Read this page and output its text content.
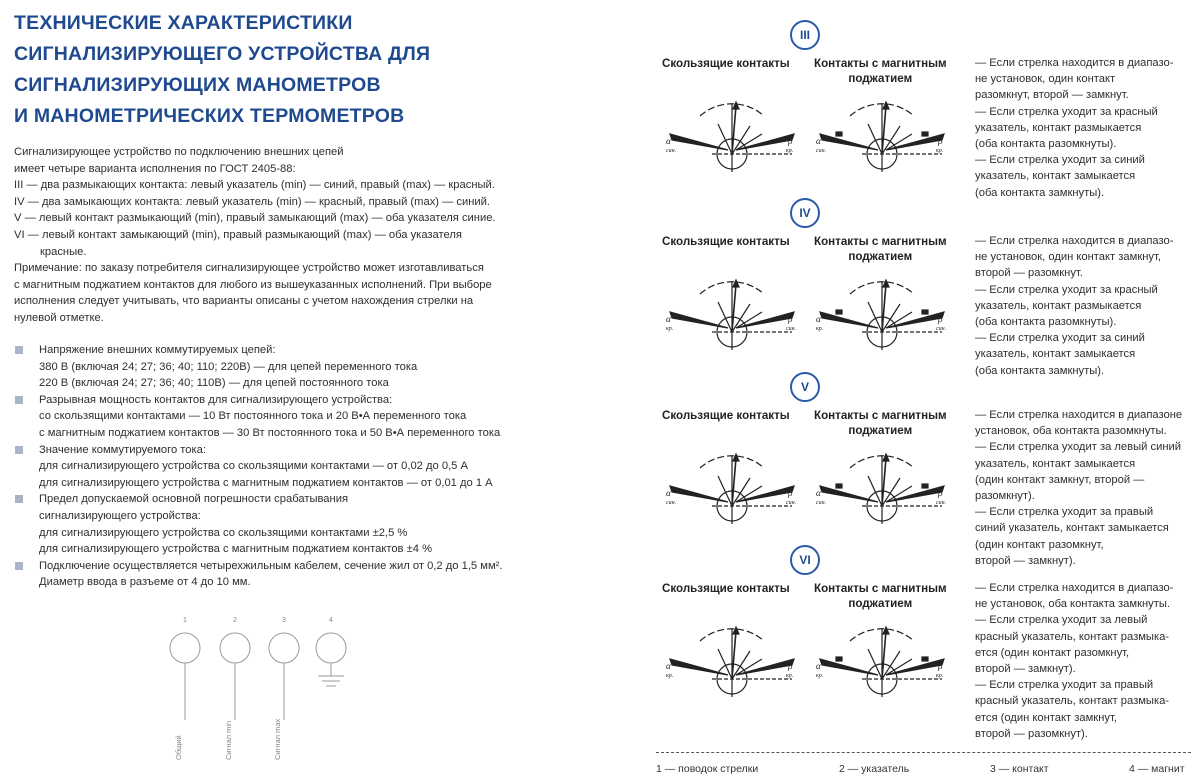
ТЕХНИЧЕСКИЕ ХАРАКТЕРИСТИКИ
СИГНАЛИЗИРУЮЩЕГО УСТРОЙСТВА ДЛЯ
СИГНАЛИЗИРУЮЩИХ МАНОМЕТРОВ
И МАНОМЕТРИЧЕСКИХ ТЕРМОМЕТРОВ
Сигнализирующее устройство по подключению внешних цепей
имеет четыре варианта исполнения по ГОСТ 2405-88:
III — два размыкающих контакта: левый указатель (min) — синий, правый (max) — красный.
IV — два замыкающих контакта: левый указатель (min) — красный, правый (max) — синий.
V — левый контакт размыкающий (min), правый замыкающий (max) — оба указателя синие.
VI — левый контакт замыкающий (min), правый размыкающий (max) — оба указателя
красные.
Примечание: по заказу потребителя сигнализирующее устройство может изготавливаться
с магнитным поджатием контактов для любого из вышеуказанных исполнений. При выборе
исполнения следует учитывать, что варианты описаны с учетом нахождения стрелки на
нулевой отметке.
Напряжение внешних коммутируемых цепей:
380 В (включая 24; 27; 36; 40; 110; 220В) — для цепей переменного тока
220 В (включая 24; 27; 36; 40; 110В) — для цепей постоянного тока
Разрывная мощность контактов для сигнализирующего устройства:
со скользящими контактами — 10 Вт постоянного тока и 20 В•А переменного тока
с магнитным поджатием контактов — 30 Вт постоянного тока и 50 В•А переменного тока
Значение коммутируемого тока:
для сигнализирующего устройства со скользящими контактами — от 0,02 до 0,5 А
для сигнализирующего устройства с магнитным поджатием контактов — от 0,01 до 1 А
Предел допускаемой основной погрешности срабатывания
сигнализирующего устройства:
для сигнализирующего устройства со скользящими контактами ±2,5 %
для сигнализирующего устройства с магнитным поджатием контактов ±4 %
Подключение осуществляется четырехжильным кабелем, сечение жил от 0,2 до 1,5 мм².
Диаметр ввода в разъеме от 4 до 10 мм.
1	2	3	4
Общий	Сигнал min	Сигнал max
III
Скользящие контакты Контакты с магнитным
поджатием
α
син.
β
кр.
α
син.
β
кр.
— Если стрелка находится в диапазо-
не установок, один контакт
разомкнут, второй — замкнут.
— Если стрелка уходит за красный
указатель, контакт размыкается
(оба контакта разомкнуты).
— Если стрелка уходит за синий
указатель, контакт замыкается
(оба контакта замкнуты).
IV
Скользящие контакты Контакты с магнитным
поджатием
α
кр.
β
син.
α
кр.
β
син.
— Если стрелка находится в диапазо-
не установок, один контакт замкнут,
второй — разомкнут.
— Если стрелка уходит за красный
указатель, контакт размыкается
(оба контакта разомкнуты).
— Если стрелка уходит за синий
указатель, контакт замыкается
(оба контакта замкнуты).
V
Скользящие контакты Контакты с магнитным
поджатием
α
син.
β
син.
α
син.
β
син.
— Если стрелка находится в диапазоне
установок, оба контакта разомкнуты.
— Если стрелка уходит за левый синий
указатель, контакт замыкается
(один контакт замкнут, второй —
разомкнут).
— Если стрелка уходит за правый
синий указатель, контакт замыкается
(один контакт разомкнут,
второй — замкнут).
VI
Скользящие контакты Контакты с магнитным
поджатием
α
кр.
β
кр.
α
кр.
β
кр.
— Если стрелка находится в диапазо-
не установок, оба контакта замкнуты.
— Если стрелка уходит за левый
красный указатель, контакт размыка-
ется (один контакт разомкнут,
второй — замкнут).
— Если стрелка уходит за правый
красный указатель, контакт размыка-
ется (один контакт замкнут,
второй — разомкнут).
1 — поводок стрелки	2 — указатель	3 — контакт	4 — магнит
